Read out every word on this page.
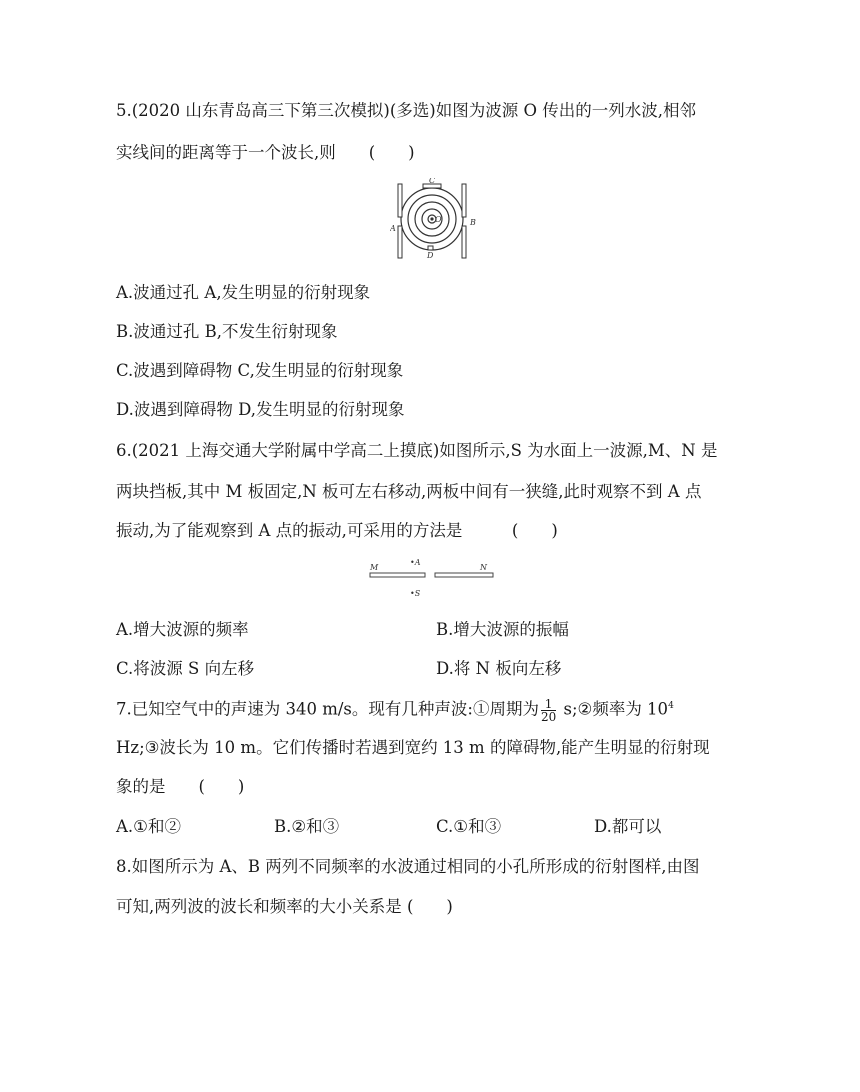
5.(2020 山东青岛高三下第三次模拟)(多选)如图为波源 O 传出的一列水波,相邻
实线间的距离等于一个波长,则　　(　　)
C
O	B
A
D
A.波通过孔 A,发生明显的衍射现象
B.波通过孔 B,不发生衍射现象
C.波遇到障碍物 C,发生明显的衍射现象
D.波遇到障碍物 D,发生明显的衍射现象
6.(2021 上海交通大学附属中学高二上摸底)如图所示,S 为水面上一波源,M、N 是
两块挡板,其中 M 板固定,N 板可左右移动,两板中间有一狭缝,此时观察不到 A 点
振动,为了能观察到 A 点的振动,可采用的方法是　　　(　　)
M
•A
N
•S
A.增大波源的频率	B.增大波源的振幅
C.将波源 S 向左移	D.将 N 板向左移
7.已知空气中的声速为 340 m/s。现有几种声波:①周期为 $\frac{1}{20}$ s;②频率为 $10^4$
Hz;③波长为 10 m。它们传播时若遇到宽约 13 m 的障碍物,能产生明显的衍射现
象的是　　(　　)
A.①和②	B.②和③	C.①和③	D.都可以
8.如图所示为 A、B 两列不同频率的水波通过相同的小孔所形成的衍射图样,由图
可知,两列波的波长和频率的大小关系是 (　　)
